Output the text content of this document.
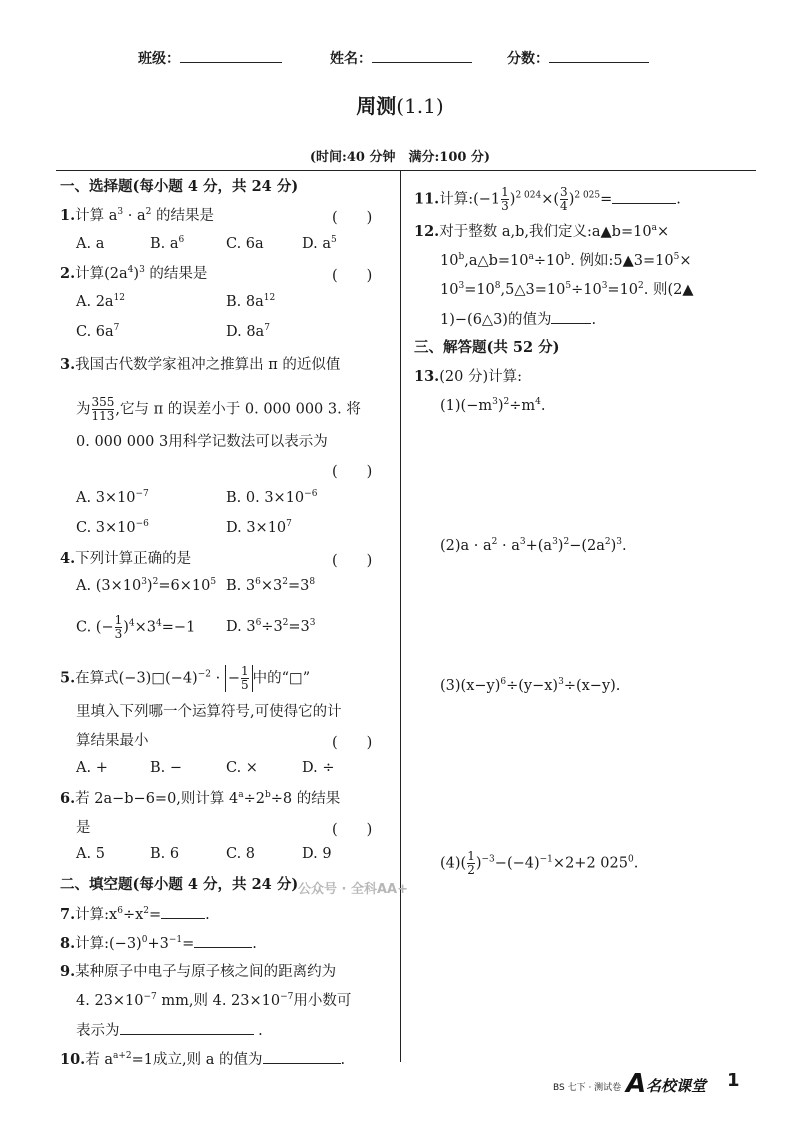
班级：	姓名：	分数：
周测(1.1)
(时间:40 分钟　满分:100 分)
一、选择题(每小题 4 分，共 24 分)
1.计算 $a^3 \cdot a^2$ 的结果是	(　　)
A. a	B. $a^6$	C. 6a	D. $a^5$
2.计算$(2a^4)^3$ 的结果是	(　　)
A. $2a^{12}$	B. $8a^{12}$
C. $6a^7$	D. $8a^7$
3.我国古代数学家祖冲之推算出 π 的近似值
为 $\frac{355}{113}$ ,它与 π 的误差小于 0. 000 000 3. 将
0. 000 000 3用科学记数法可以表示为
(　　)
A. $3\times 10^{-7}$	B. 0. $3\times 10^{-6}$
C. $3\times 10^{-6}$	D. $3\times 10^7$
4.下列计算正确的是	(　　)
A. $(3\times 10^3)^2=6\times 10^5$ B. $3^6\times 3^2=3^8$
C. (− $\frac{1}{3} )^4\times 3^4=-1$ D. $3^6\div 3^2=3^3$
5.在算式$(-3)□(-4)^{-2}$ · − $\frac{1}{5}$ 中的“□”
里填入下列哪一个运算符号,可使得它的计
算结果最小	(　　)
A. +	B. −	C. ×	D. ÷
6.若 2a−b−6=0,则计算 $4^a\div 2^b\div 8$ 的结果
是	(　　)
A. 5	B. 6	C. 8	D. 9
二、填空题(每小题 4 分，共 24 分) 公众号 · 全科AA+
7.计算$:x^6\div x^2=$	.
8.计算$:(-3)^0+3^{-1}=$	.
9.某种原子中电子与原子核之间的距离约为
4. $23\times 10^{-7}$ mm,则 4. $23\times 10^{-7}$用小数可
表示为	.
10.若 $a^{a+2}=1$成立,则 a 的值为	.
11.计算:(−1 $\frac{1}{3} )^{2 024}\times( \frac{3}{4} )^{2 025}=$	.
12.对于整数 a,b,我们定义$:a▲b=10^a\times$
$10^b,a\triangle b=10^a\div 10^b$. 例如$:5▲3=10^5\times$
$10^3=10^8,5\triangle 3=10^5\div 10^3=10^2$. 则(2▲
1)−(6△3)的值为	.
三、解答题(共 52 分)
13.(20 分)计算:
$(1)(-m^3)^2\div m^4$.
$(2)a \cdot a^2 \cdot a^3+(a^3)^2-(2a^2)^3$.
$(3)(x-y)^6\div(y-x)^3\div(x-y)$.
$(4)( \frac{1}{2} )^{-3}-(-4)^{-1}\times 2+2$ $025^0$.
BS 七下 · 测试卷 A 名校课堂 1
